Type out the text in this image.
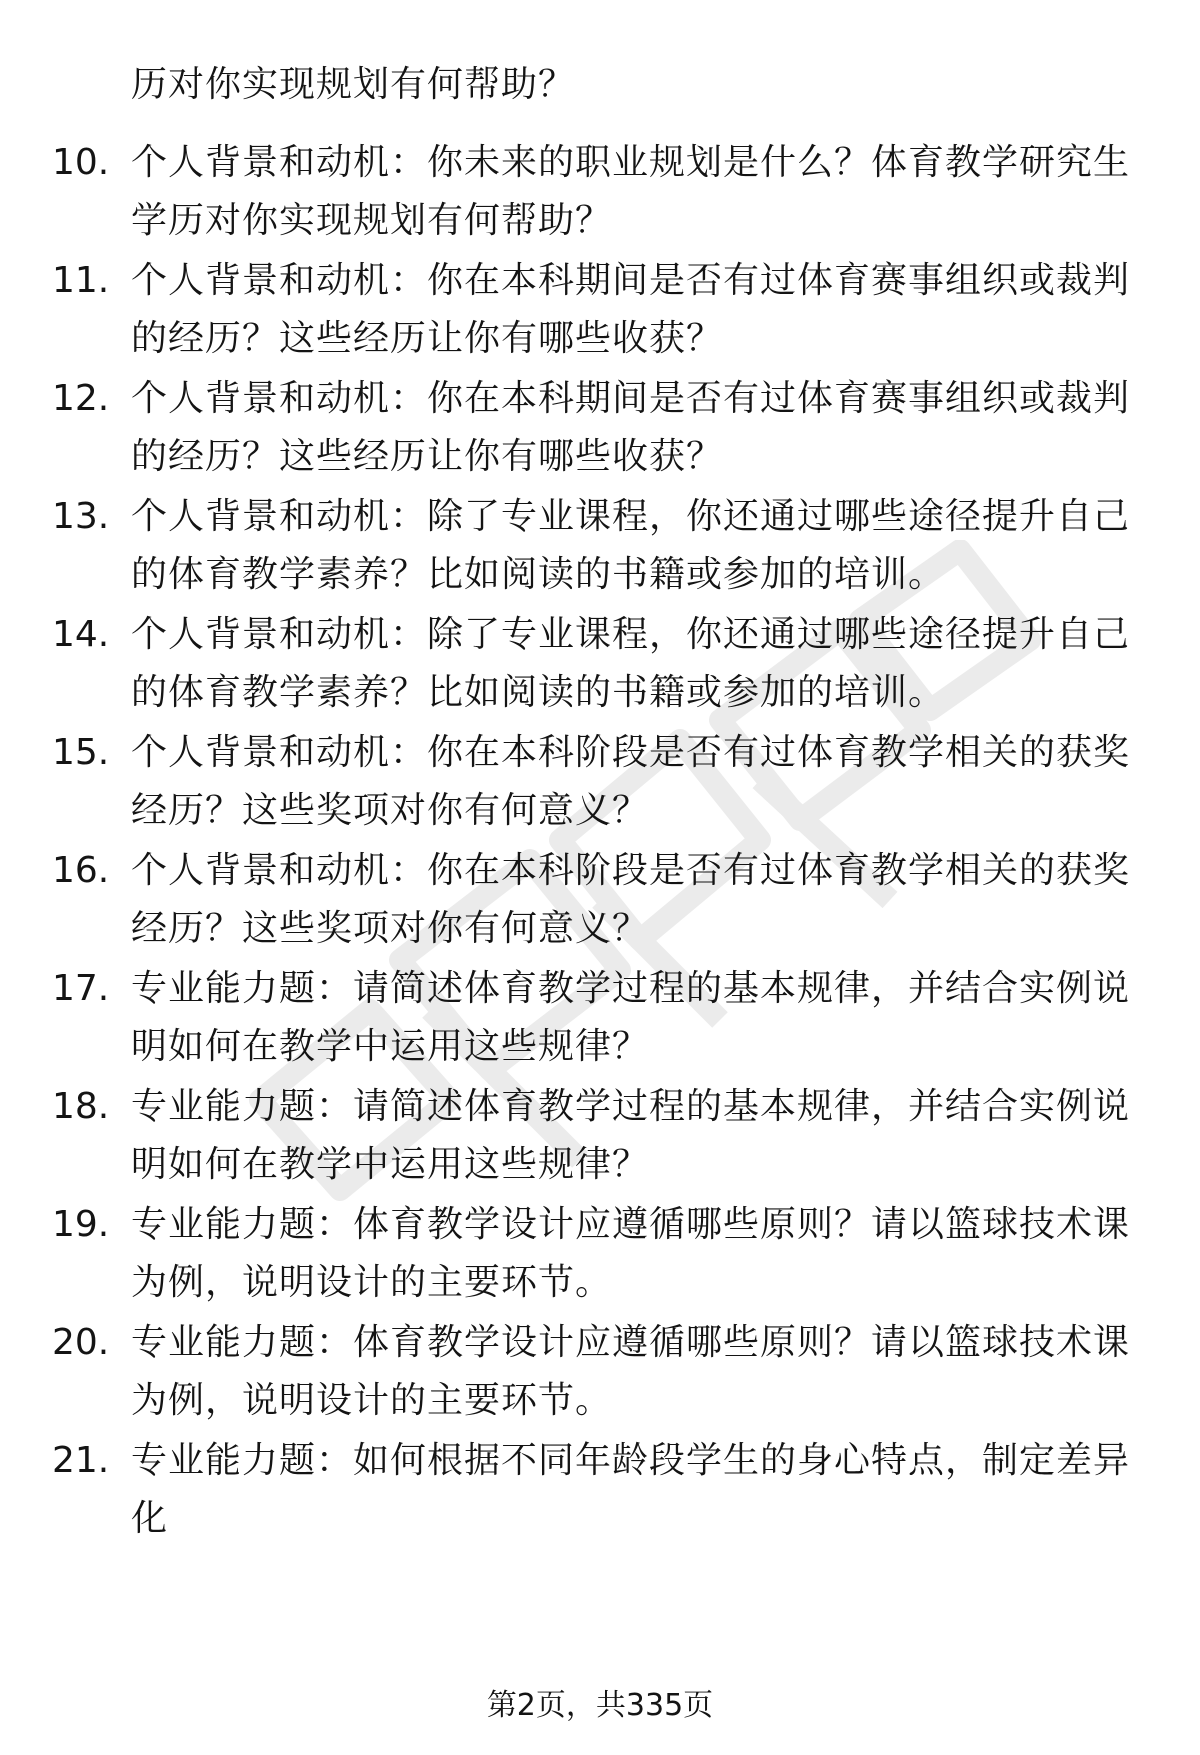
历对你实现规划有何帮助？
10. 个人背景和动机：你未来的职业规划是什么？体育教学研究生学历对你实现规划有何帮助？
11. 个人背景和动机：你在本科期间是否有过体育赛事组织或裁判的经历？这些经历让你有哪些收获？
12. 个人背景和动机：你在本科期间是否有过体育赛事组织或裁判的经历？这些经历让你有哪些收获？
13. 个人背景和动机：除了专业课程，你还通过哪些途径提升自己的体育教学素养？比如阅读的书籍或参加的培训。
14. 个人背景和动机：除了专业课程，你还通过哪些途径提升自己的体育教学素养？比如阅读的书籍或参加的培训。
15. 个人背景和动机：你在本科阶段是否有过体育教学相关的获奖经历？这些奖项对你有何意义？
16. 个人背景和动机：你在本科阶段是否有过体育教学相关的获奖经历？这些奖项对你有何意义？
17. 专业能力题：请简述体育教学过程的基本规律，并结合实例说明如何在教学中运用这些规律？
18. 专业能力题：请简述体育教学过程的基本规律，并结合实例说明如何在教学中运用这些规律？
19. 专业能力题：体育教学设计应遵循哪些原则？请以篮球技术课为例，说明设计的主要环节。
20. 专业能力题：体育教学设计应遵循哪些原则？请以篮球技术课为例，说明设计的主要环节。
21. 专业能力题：如何根据不同年龄段学生的身心特点，制定差异化
第2页，共335页
